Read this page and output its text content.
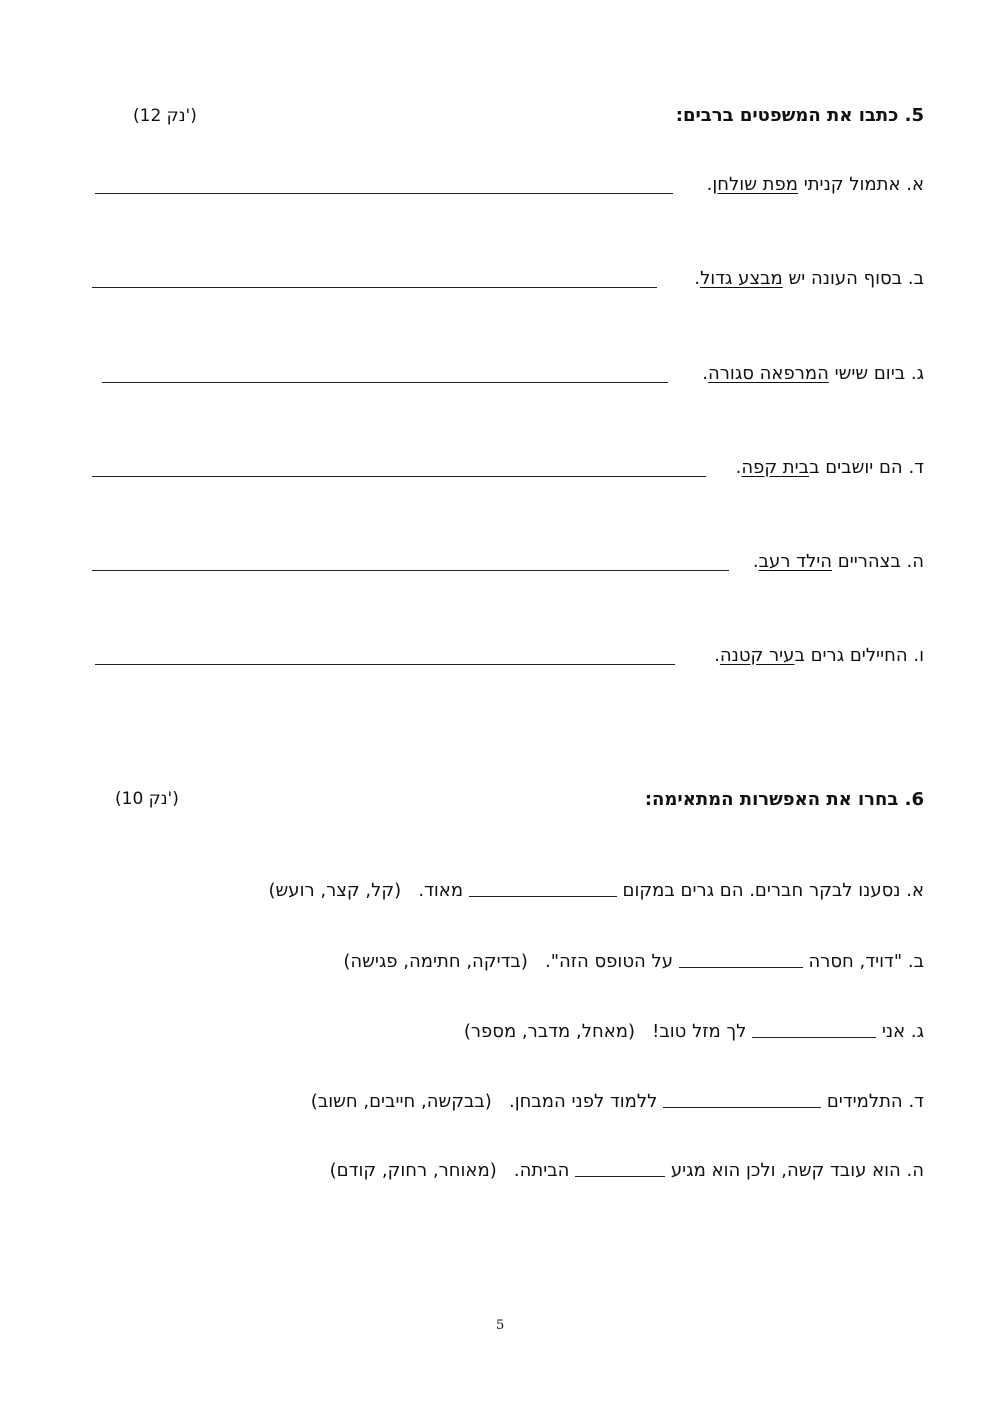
5. כתבו את המשפטים ברבים:
(12 נק')
א. אתמול קניתי מפת שולחן.
ב. בסוף העונה יש מבצע גדול.
ג. ביום שישי המרפאה סגורה.
ד. הם יושבים בבית קפה.
ה. בצהריים הילד רעב.
ו. החיילים גרים בעיר קטנה.
6. בחרו את האפשרות המתאימה:
(10 נק')
א. נסענו לבקר חברים. הם גרים במקום  מאוד.   (קל, קצר, רועש)
ב. "דויד, חסרה  על הטופס הזה".   (בדיקה, חתימה, פגישה)
ג. אני  לך מזל טוב!   (מאחל, מדבר, מספר)
ד. התלמידים  ללמוד לפני המבחן.   (בבקשה, חייבים, חשוב)
ה. הוא עובד קשה, ולכן הוא מגיע  הביתה.   (מאוחר, רחוק, קודם)
5
